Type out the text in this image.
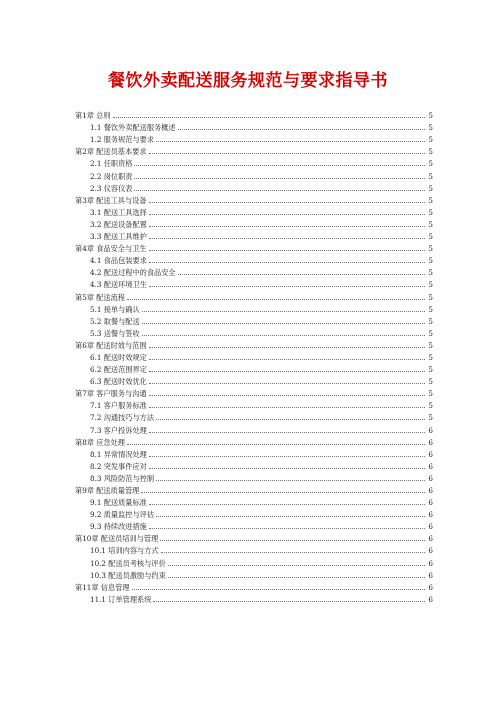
餐饮外卖配送服务规范与要求指导书
第1章 总则	5
1.1 餐饮外卖配送服务概述	5
1.2 服务规范与要求	5
第2章 配送员基本要求	5
2.1 任职资格	5
2.2 岗位职责	5
2.3 仪容仪表	5
第3章 配送工具与设备	5
3.1 配送工具选择	5
3.2 配送设备配置	5
3.3 配送工具维护	5
第4章 食品安全与卫生	5
4.1 食品包装要求	5
4.2 配送过程中的食品安全	5
4.3 配送环境卫生	5
第5章 配送流程	5
5.1 接单与确认	5
5.2 取餐与配送	5
5.3 送餐与签收	5
第6章 配送时效与范围	5
6.1 配送时效规定	5
6.2 配送范围界定	5
6.3 配送时效优化	5
第7章 客户服务与沟通	5
7.1 客户服务标准	5
7.2 沟通技巧与方法	5
7.3 客户投诉处理	6
第8章 应急处理	6
8.1 异常情况处理	6
8.2 突发事件应对	6
8.3 风险防范与控制	6
第9章 配送质量管理	6
9.1 配送质量标准	6
9.2 质量监控与评估	6
9.3 持续改进措施	6
第10章 配送员培训与管理	6
10.1 培训内容与方式	6
10.2 配送员考核与评价	6
10.3 配送员激励与约束	6
第11章 信息管理	6
11.1 订单管理系统	6
